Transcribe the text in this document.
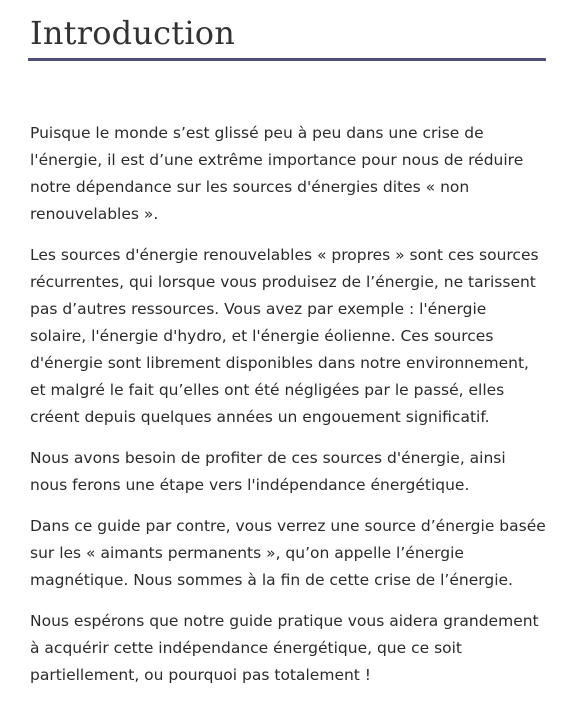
Introduction

Puisque le monde s’est glissé peu à peu dans une crise de
l'énergie, il est d’une extrême importance pour nous de réduire
notre dépendance sur les sources d'énergies dites « non
renouvelables ».

Les sources d'énergie renouvelables « propres » sont ces sources
récurrentes, qui lorsque vous produisez de l’énergie, ne tarissent
pas d’autres ressources. Vous avez par exemple : l'énergie
solaire, l'énergie d'hydro, et l'énergie éolienne. Ces sources
d'énergie sont librement disponibles dans notre environnement,
et malgré le fait qu’elles ont été négligées par le passé, elles
créent depuis quelques années un engouement significatif.

Nous avons besoin de profiter de ces sources d'énergie, ainsi
nous ferons une étape vers l'indépendance énergétique.

Dans ce guide par contre, vous verrez une source d’énergie basée
sur les « aimants permanents », qu’on appelle l’énergie
magnétique. Nous sommes à la fin de cette crise de l’énergie.

Nous espérons que notre guide pratique vous aidera grandement
à acquérir cette indépendance énergétique, que ce soit
partiellement, ou pourquoi pas totalement !
